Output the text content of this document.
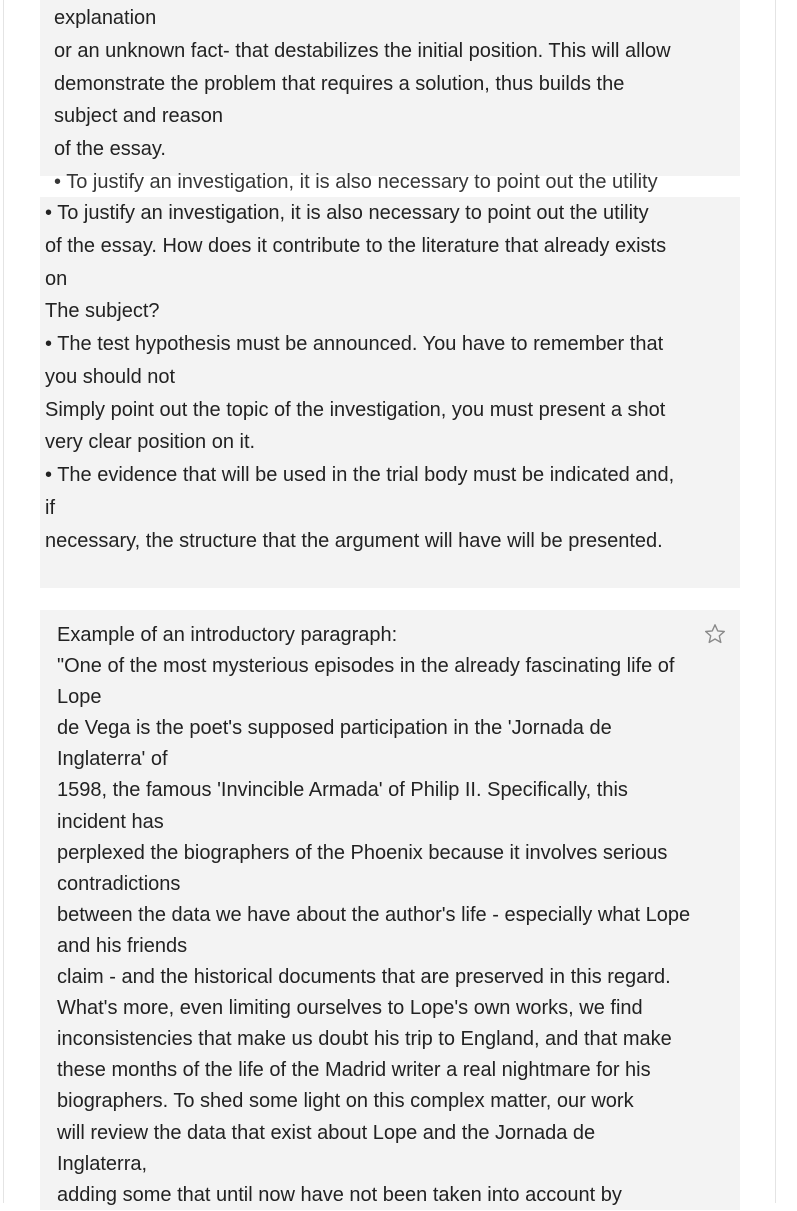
explanation
or an unknown fact- that destabilizes the initial position. This will allow
demonstrate the problem that requires a solution, thus builds the
subject and reason
of the essay.
• To justify an investigation, it is also necessary to point out the utility
• To justify an investigation, it is also necessary to point out the utility
of the essay. How does it contribute to the literature that already exists
on
The subject?
• The test hypothesis must be announced. You have to remember that
you should not
Simply point out the topic of the investigation, you must present a shot
very clear position on it.
• The evidence that will be used in the trial body must be indicated and,
if
necessary, the structure that the argument will have will be presented.
Example of an introductory paragraph:
"One of the most mysterious episodes in the already fascinating life of
Lope
de Vega is the poet's supposed participation in the 'Jornada de
Inglaterra' of
1598, the famous 'Invincible Armada' of Philip II. Specifically, this
incident has
perplexed the biographers of the Phoenix because it involves serious
contradictions
between the data we have about the author's life - especially what Lope
and his friends
claim - and the historical documents that are preserved in this regard.
What's more, even limiting ourselves to Lope's own works, we find
inconsistencies that make us doubt his trip to England, and that make
these months of the life of the Madrid writer a real nightmare for his
biographers. To shed some light on this complex matter, our work
will review the data that exist about Lope and the Jornada de
Inglaterra,
adding some that until now have not been taken into account by
